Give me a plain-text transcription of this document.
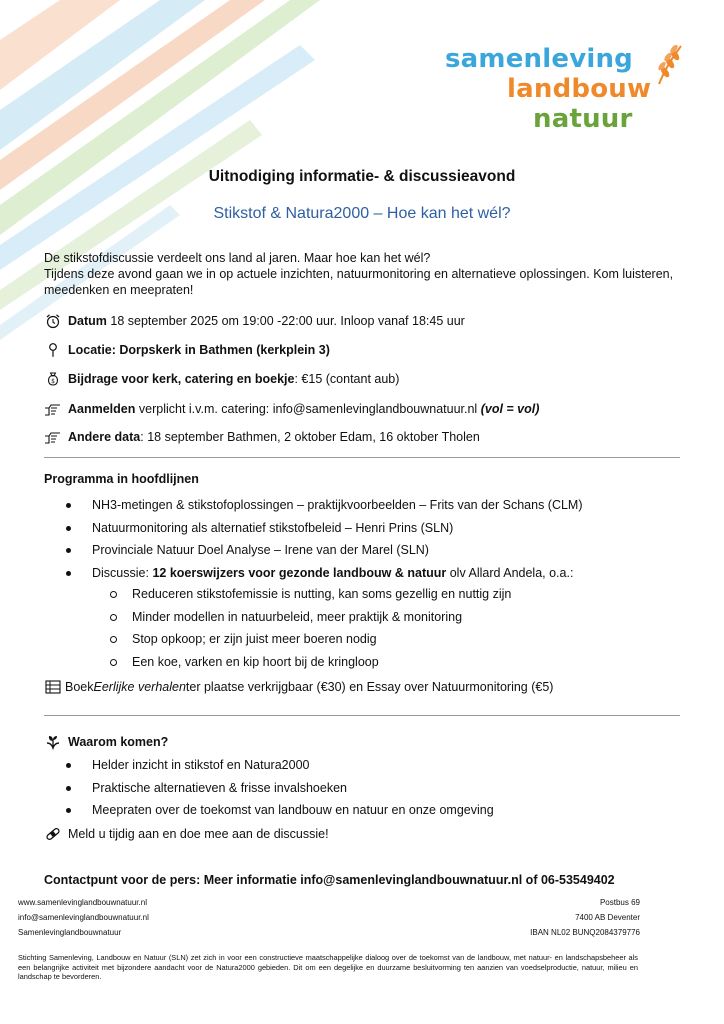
samenleving
landbouw
natuur
Uitnodiging informatie- & discussieavond
Stikstof & Natura2000 – Hoe kan het wél?
De stikstofdiscussie verdeelt ons land al jaren. Maar hoe kan het wél?
Tijdens deze avond gaan we in op actuele inzichten, natuurmonitoring en alternatieve oplossingen. Kom luisteren, meedenken en meepraten!
Datum
18 september 2025 om 19:00 -22:00 uur. Inloop vanaf 18:45 uur
Locatie: Dorpskerk in Bathmen (kerkplein 3)
$ Bijdrage voor kerk, catering en boekje : €15 (contant aub)
Aanmelden
verplicht i.v.m. catering: info@samenlevinglandbouwnatuur.nl
(vol = vol)
Andere data : 18 september Bathmen, 2 oktober Edam, 16 oktober Tholen
Programma in hoofdlijnen
NH3-metingen & stikstofoplossingen – praktijkvoorbeelden – Frits van der Schans (CLM)
Natuurmonitoring als alternatief stikstofbeleid – Henri Prins (SLN)
Provinciale Natuur Doel Analyse – Irene van der Marel (SLN)
Discussie: 12 koerswijzers voor gezonde landbouw & natuur olv Allard Andela, o.a.:
Reduceren stikstofemissie is nutting, kan soms gezellig en nuttig zijn
Minder modellen in natuurbeleid, meer praktijk & monitoring
Stop opkoop; er zijn juist meer boeren nodig
Een koe, varken en kip hoort bij de kringloop
Boek Eerlijke verhalen ter plaatse verkrijgbaar (€30) en Essay over Natuurmonitoring (€5)
Waarom komen?
Helder inzicht in stikstof en Natura2000
Praktische alternatieven & frisse invalshoeken
Meepraten over de toekomst van landbouw en natuur en onze omgeving
Meld u tijdig aan en doe mee aan de discussie!
Contactpunt voor de pers: Meer informatie info@samenlevinglandbouwnatuur.nl of 06-53549402
www.samenlevinglandbouwnatuur.nl
info@samenlevinglandbouwnatuur.nl
Samenlevinglandbouwnatuur
Postbus 69
7400 AB Deventer
IBAN NL02 BUNQ2084379776
Stichting Samenleving, Landbouw en Natuur (SLN) zet zich in voor een constructieve maatschappelijke dialoog over de toekomst van de landbouw, met natuur- en landschapsbeheer als een belangrijke activiteit met bijzondere aandacht voor de Natura2000 gebieden. Dit om een degelijke en duurzame besluitvorming ten aanzien van voedselproductie, natuur, milieu en landschap te bevorderen.
